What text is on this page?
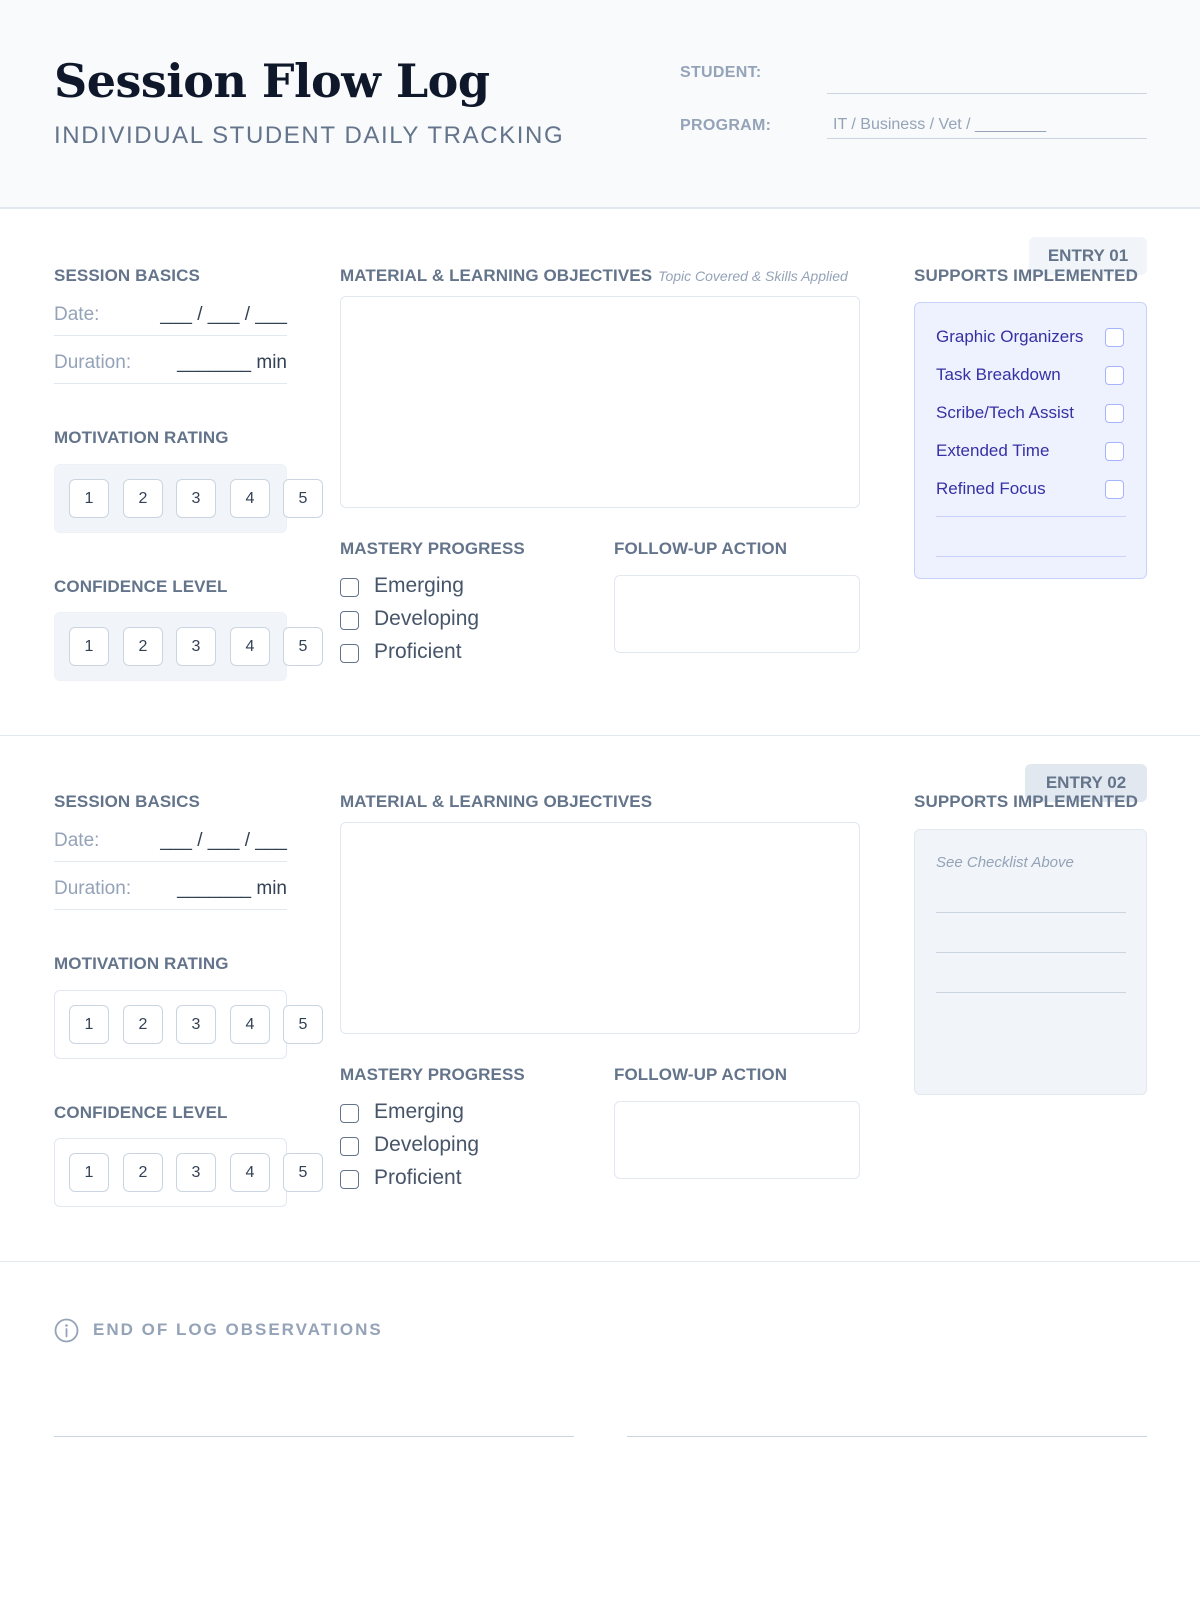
Session Flow Log
INDIVIDUAL STUDENT DAILY TRACKING
STUDENT:
PROGRAM:	IT / Business / Vet / ________
ENTRY 01
SESSION BASICS
Date:	___ / ___ / ___
Duration: _______ min
MOTIVATION RATING
1	2	3	4	5
CONFIDENCE LEVEL
1	2	3	4	5
MATERIAL & LEARNING OBJECTIVES Topic Covered & Skills Applied
MASTERY PROGRESS
Emerging
Developing
Proficient
FOLLOW-UP ACTION
SUPPORTS IMPLEMENTED
Graphic Organizers
Task Breakdown
Scribe/Tech Assist
Extended Time
Refined Focus
ENTRY 02
SESSION BASICS
Date:	___ / ___ / ___
Duration: _______ min
MOTIVATION RATING
1	2	3	4	5
CONFIDENCE LEVEL
1	2	3	4	5
MATERIAL & LEARNING OBJECTIVES
MASTERY PROGRESS
Emerging
Developing
Proficient
FOLLOW-UP ACTION
SUPPORTS IMPLEMENTED
See Checklist Above
END OF LOG OBSERVATIONS
